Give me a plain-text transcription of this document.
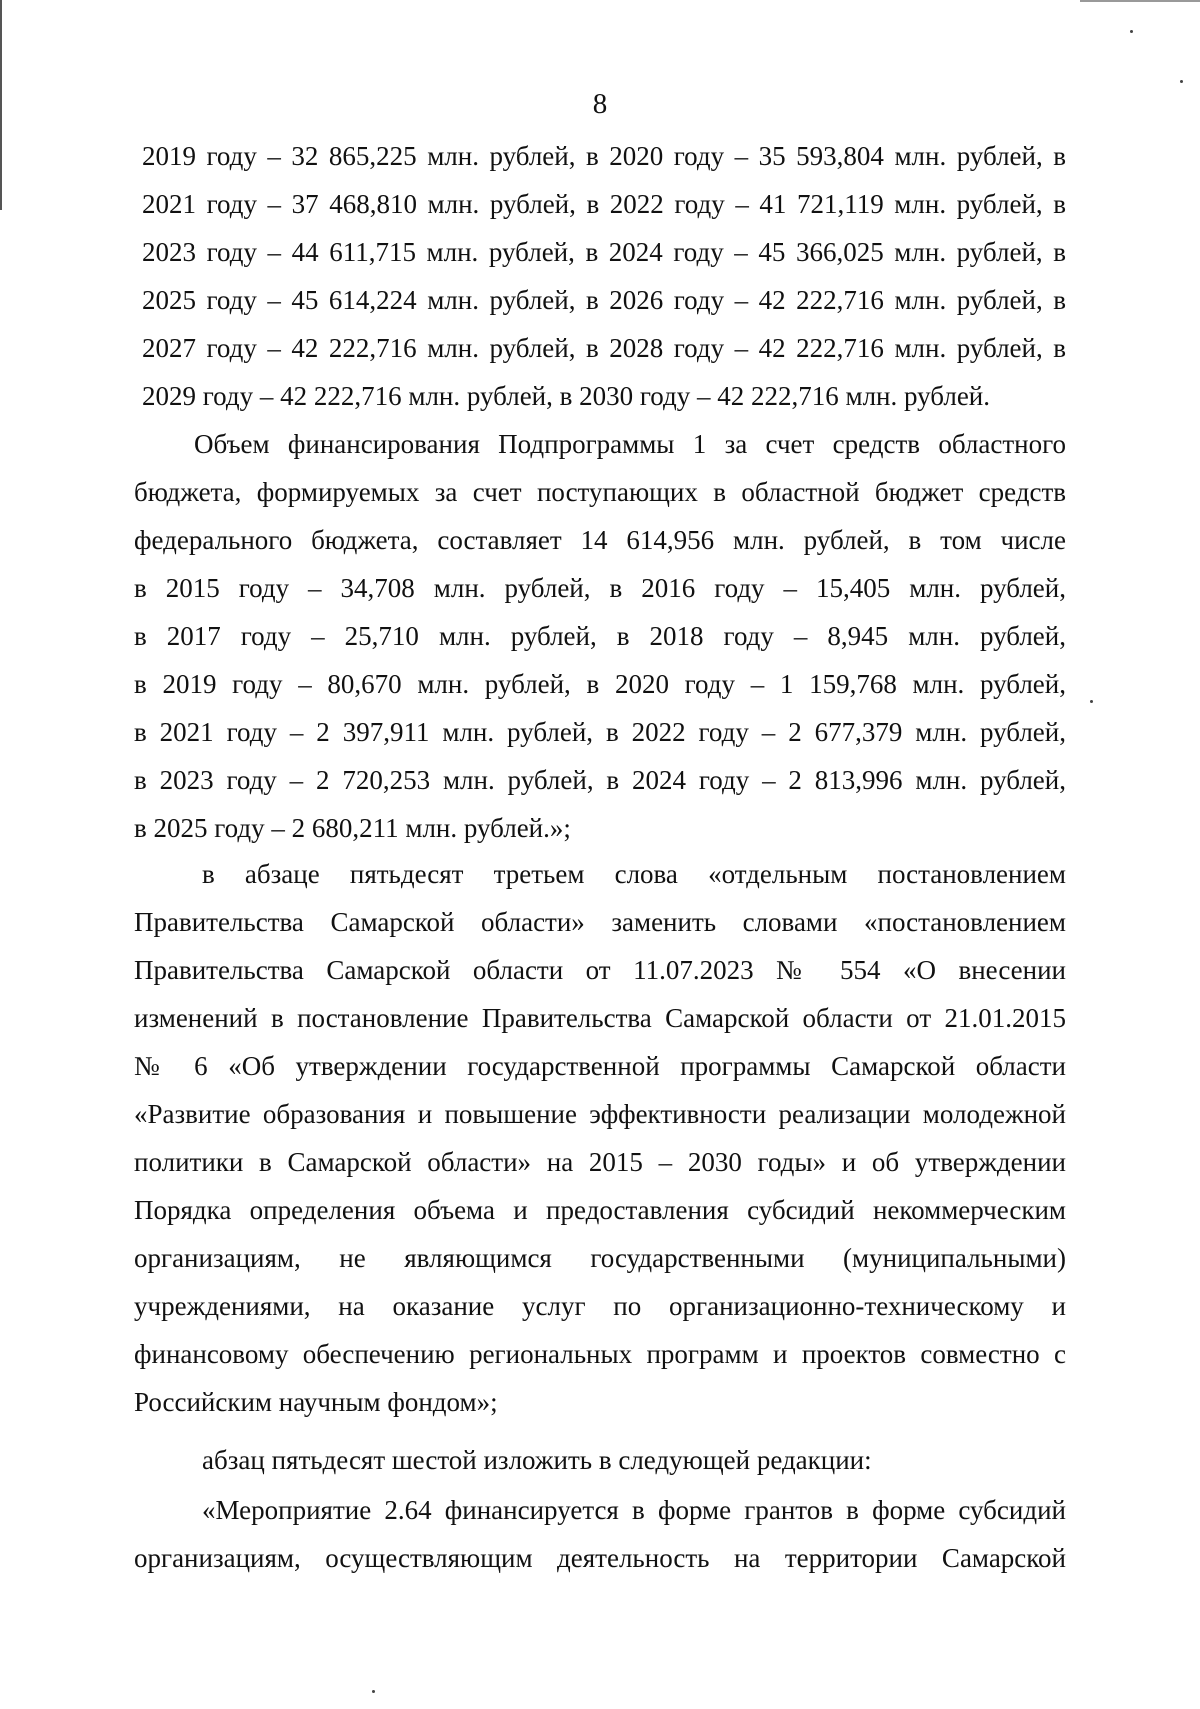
8
2019 году – 32 865,225 млн. рублей, в 2020 году – 35 593,804 млн. рублей, в
2021 году – 37 468,810 млн. рублей, в 2022 году – 41 721,119 млн. рублей, в
2023 году – 44 611,715 млн. рублей, в 2024 году – 45 366,025 млн. рублей, в
2025 году – 45 614,224 млн. рублей, в 2026 году – 42 222,716 млн. рублей, в
2027 году – 42 222,716 млн. рублей, в 2028 году – 42 222,716 млн. рублей, в
2029 году – 42 222,716 млн. рублей, в 2030 году – 42 222,716 млн. рублей.
Объем финансирования Подпрограммы 1 за счет средств областного
бюджета, формируемых за счет поступающих в областной бюджет средств
федерального бюджета, составляет 14 614,956 млн. рублей, в том числе
в 2015 году – 34,708 млн. рублей, в 2016 году – 15,405 млн. рублей,
в 2017 году – 25,710 млн. рублей, в 2018 году – 8,945 млн. рублей,
в 2019 году – 80,670 млн. рублей, в 2020 году – 1 159,768 млн. рублей,
в 2021 году – 2 397,911 млн. рублей, в 2022 году – 2 677,379 млн. рублей,
в 2023 году – 2 720,253 млн. рублей, в 2024 году – 2 813,996 млн. рублей,
в 2025 году – 2 680,211 млн. рублей.»;
в абзаце пятьдесят третьем слова «отдельным постановлением
Правительства Самарской области» заменить словами «постановлением
Правительства Самарской области от 11.07.2023 № 554 «О внесении
изменений в постановление Правительства Самарской области от 21.01.2015
№ 6 «Об утверждении государственной программы Самарской области
«Развитие образования и повышение эффективности реализации молодежной
политики в Самарской области» на 2015 – 2030 годы» и об утверждении
Порядка определения объема и предоставления субсидий некоммерческим
организациям, не являющимся государственными (муниципальными)
учреждениями, на оказание услуг по организационно-техническому и
финансовому обеспечению региональных программ и проектов совместно с
Российским научным фондом»;
абзац пятьдесят шестой изложить в следующей редакции:
«Мероприятие 2.64 финансируется в форме грантов в форме субсидий
организациям, осуществляющим деятельность на территории Самарской
